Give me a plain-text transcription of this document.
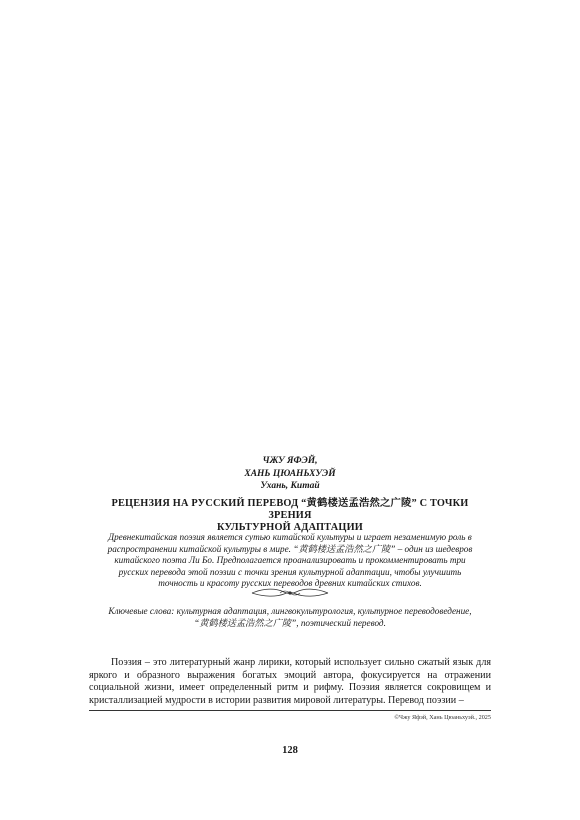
ЧЖУ ЯФЭЙ,
ХАНЬ ЦЮАНЬХУЭЙ
Ухань, Китай
РЕЦЕНЗИЯ НА РУССКИЙ ПЕРЕВОД “黄鹤楼送孟浩然之广陵” С ТОЧКИ ЗРЕНИЯ
КУЛЬТУРНОЙ АДАПТАЦИИ
Древнекитайская поэзия является сутью китайской культуры и играет незаменимую роль в
распространении китайской культуры в мире. “黄鹤楼送孟浩然之广陵” – один из шедевров
китайского поэта Ли Бо. Предполагается проанализировать и прокомментировать три
русских перевода этой поэзии с точки зрения культурной адаптации, чтобы улучшить
точность и красоту русских переводов древних китайских стихов.
Ключевые слова: культурная адаптация, лингвокультурология, культурное переводоведение,
“黄鹤楼送孟浩然之广陵”, поэтический перевод.

Поэзия – это литературный жанр лирики, который использует сильно сжатый язык для яркого и образного выражения богатых эмоций автора, фокусируется на отражении социальной жизни, имеет определенный ритм и рифму. Поэзия является сокровищем и кристаллизацией мудрости в истории развития мировой литературы. Перевод поэзии –

©Чжу Яфэй, Хань Цюаньхуэй., 2025
128
